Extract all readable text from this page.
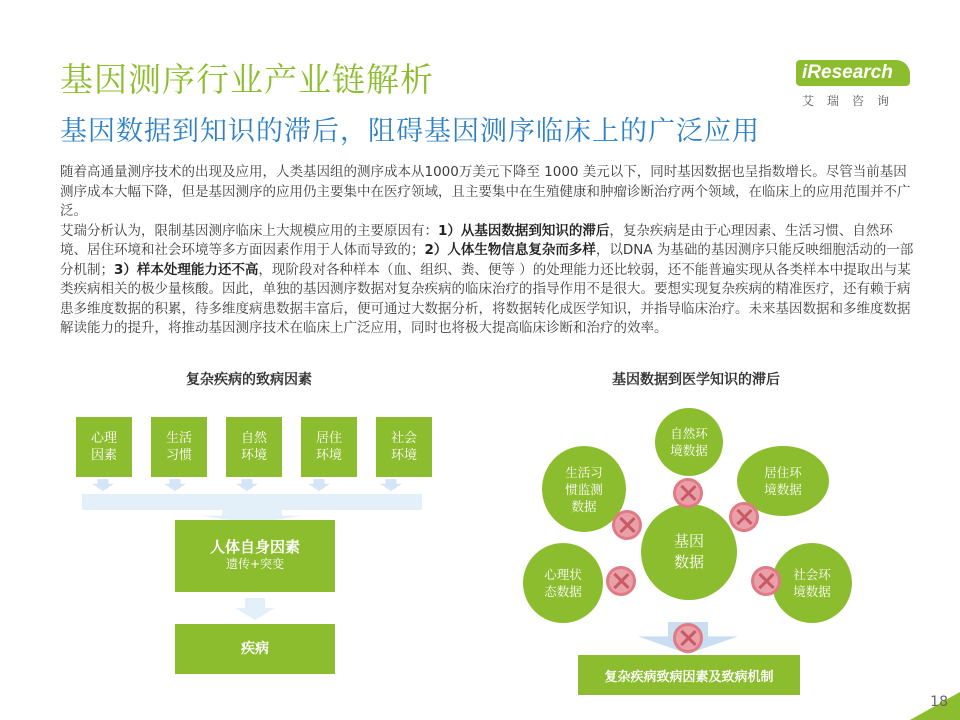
基因测序行业产业链解析
基因数据到知识的滞后，阻碍基因测序临床上的广泛应用
iResearch
艾瑞咨询

随着高通量测序技术的出现及应用，人类基因组的测序成本从1000万美元下降至 1000 美元以下，同时基因数据也呈指数增长。尽管当前基因测序成本大幅下降，但是基因测序的应用仍主要集中在医疗领域，且主要集中在生殖健康和肿瘤诊断治疗两个领域，在临床上的应用范围并不广泛。

艾瑞分析认为，限制基因测序临床上大规模应用的主要原因有：1）从基因数据到知识的滞后，复杂疾病是由于心理因素、生活习惯、自然环境、居住环境和社会环境等多方面因素作用于人体而导致的；2）人体生物信息复杂而多样，以DNA 为基础的基因测序只能反映细胞活动的一部分机制；3）样本处理能力还不高，现阶段对各种样本（血、组织、粪、便等 ）的处理能力还比较弱，还不能普遍实现从各类样本中提取出与某类疾病相关的极少量核酸。因此，单独的基因测序数据对复杂疾病的临床治疗的指导作用不是很大。要想实现复杂疾病的精准医疗，还有赖于病患多维度数据的积累，待多维度病患数据丰富后，便可通过大数据分析，将数据转化成医学知识，并指导临床治疗。未来基因数据和多维度数据解读能力的提升，将推动基因测序技术在临床上广泛应用，同时也将极大提高临床诊断和治疗的效率。

复杂疾病的致病因素
心理
因素
生活
习惯
自然
环境
居住
环境
社会
环境
人体自身因素
遗传+突变
疾病
基因数据到医学知识的滞后
基因
数据
自然环
境数据
居住环
境数据
社会环
境数据
心理状
态数据
生活习
惯监测
数据
复杂疾病致病因素及致病机制
18
